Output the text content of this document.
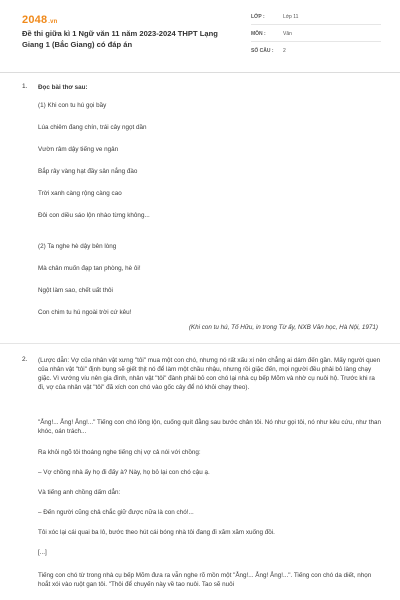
2048.vn
Đề thi giữa kì 1 Ngữ văn 11 năm 2023-2024 THPT Lạng Giang 1 (Bắc Giang) có đáp án
LỚP :	Lớp 11
MÔN :	Văn
SỐ CÂU : 2
1. Đọc bài thơ sau:
(1) Khi con tu hú gọi bầy
Lúa chiêm đang chín, trái cây ngọt dần
Vườn râm dậy tiếng ve ngân
Bắp rây vàng hạt đầy sân nắng đào
Trời xanh càng rộng càng cao
Đôi con diều sáo lộn nhào từng không...
(2) Ta nghe hè dậy bên lòng
Mà chân muốn đạp tan phòng, hè ôi!
Ngột làm sao, chết uất thôi
Con chim tu hú ngoài trời cứ kêu!
(Khi con tu hú, Tố Hữu, in trong Từ ấy, NXB Văn học, Hà Nội, 1971)
2. (Lược dẫn: Vợ của nhân vật xưng "tôi" mua một con chó, nhưng nó rất xấu xí nên chẳng ai dám đến gần. Mấy người quen của nhân vật "tôi" định bụng sẽ giết thịt nó để làm một chầu nhậu, nhưng rồi giặc đến, mọi người đều phải bỏ làng chạy giặc. Vì vướng víu nên gia đình, nhân vật "tôi" đành phải bỏ con chó lại nhà cụ bếp Mõm và nhờ cụ nuôi hộ. Trước khi ra đi, vợ của nhân vật "tôi" đã xích con chó vào gốc cây để nó khỏi chạy theo).
"Ẳng!... Ẳng! Ẳng!..." Tiếng con chó lồng lộn, cuống quít đằng sau bước chân tôi. Nó như gọi tôi, nó như kêu cứu, như than khóc, oán trách...
Ra khỏi ngõ tôi thoáng nghe tiếng chị vợ cả nói với chồng:
– Vợ chồng nhà ấy họ đi đấy à? Này, họ bỏ lại con chó cậu ạ.
Và tiếng anh chồng dấm dẳn:
– Đến người cũng chả chắc giữ được nữa là con chó!...
Tôi xóc lại cái quai ba lô, bước theo hút cái bóng nhà tôi đang đi xăm xăm xuống đồi.
[...]
Tiếng con chó từ trong nhà cụ bếp Mõm đưa ra vẫn nghe rõ mồn một "Ẳng!... Ẳng! Ẳng!...". Tiếng con chó da diết, nhọn hoắt xói vào ruột gan tôi. "Thôi để chuyến này về tao nuôi. Tao sẽ nuôi
